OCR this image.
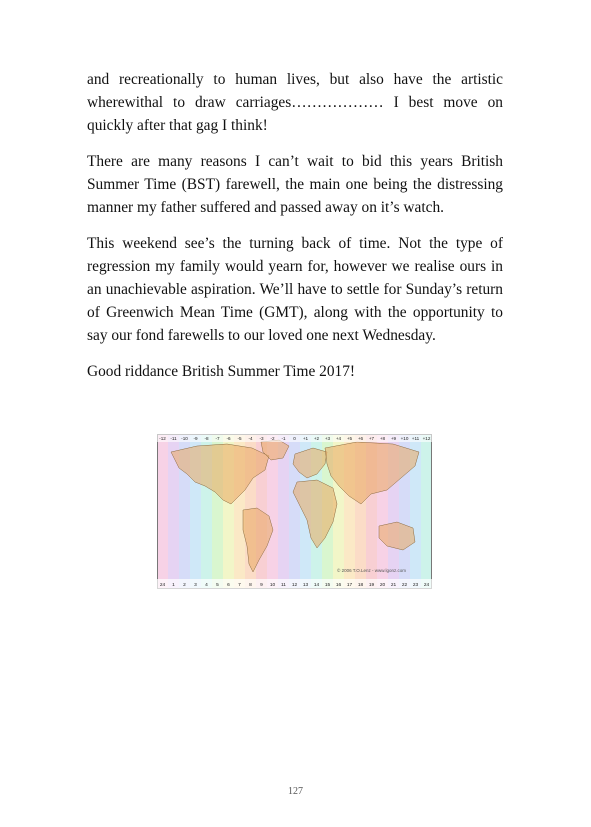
and recreationally to human lives, but also have the artistic wherewithal to draw carriages……………… I best move on quickly after that gag I think!

There are many reasons I can’t wait to bid this years British Summer Time (BST) farewell, the main one being the distressing manner my father suffered and passed away on it’s watch.

This weekend see’s the turning back of time. Not the type of regression my family would yearn for, however we realise ours in an unachievable aspiration. We’ll have to settle for Sunday’s return of Greenwich Mean Time (GMT), along with the opportunity to say our fond farewells to our loved one next Wednesday.

Good riddance British Summer Time 2017!

-12 -11 -10 -9 -8 -7 -6 -5 -4 -3 -2 -1 0 +1 +2 +3 +4 +5 +6 +7 +8 +9 +10 +11 +12
24 1 2 3 4 5 6 7 8 9 10 11 12 13 14 15 16 17 18 19 20 21 22 23 24
© 2006 T.O.Lenz - www.lgonz.com
127
